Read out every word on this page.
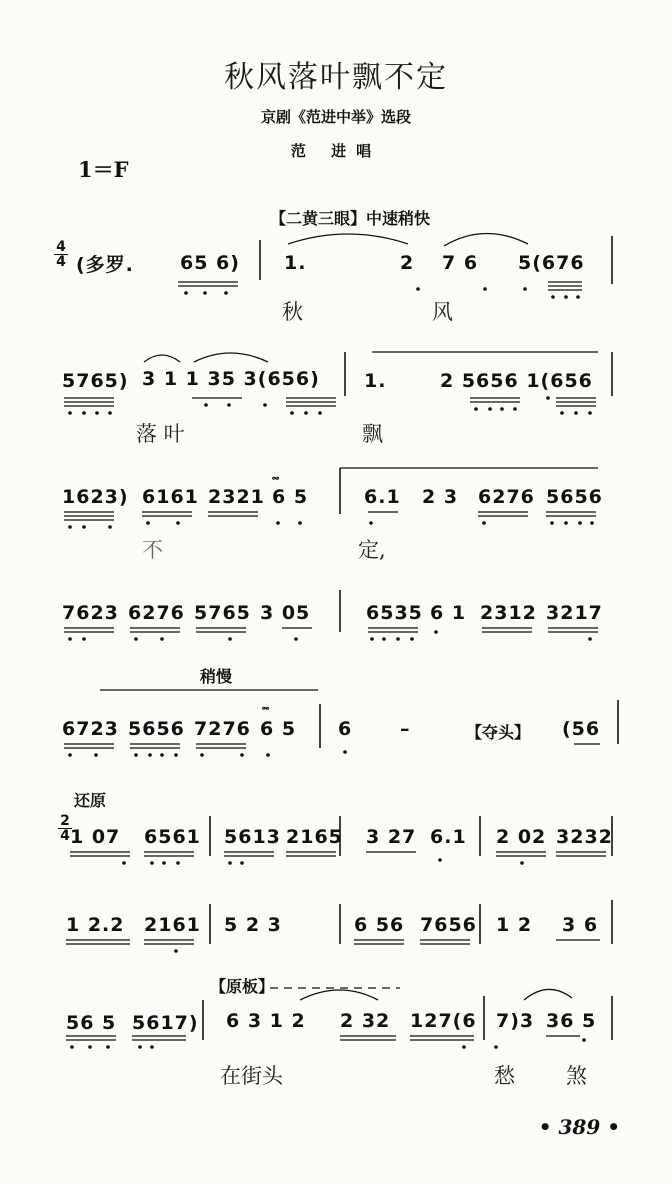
秋风落叶飘不定
京剧《范进中举》选段
范 进唱
1＝F
4
4
2
4
【二黄三眼】中速稍快
稍慢
【夺头】
还原
【原板】
(多罗. 65 6) 1.	2 7 6 5(676
秋	风
5765) 3 1 1 35 3(656) 1.	2 5656 1(656
落 叶	飘
1623) 6161 2321 6 5	6.1 2 3 6276 5656
𝆗
不	定,
7623 6276 5765 3 05	6535 6 1 2312 3217
6723 5656 7276 6 5 6	–	(56
𝆗
1 07 6561 5613 2165 3 27 6.1 2 02 3232
1 2.2 2161 5 2 3	6 56 7656 1 2 3 6
56 5 5617) 6 3 1 2 2 32 127(6 7)3 36 5
在街头	愁 煞
• 389 •
